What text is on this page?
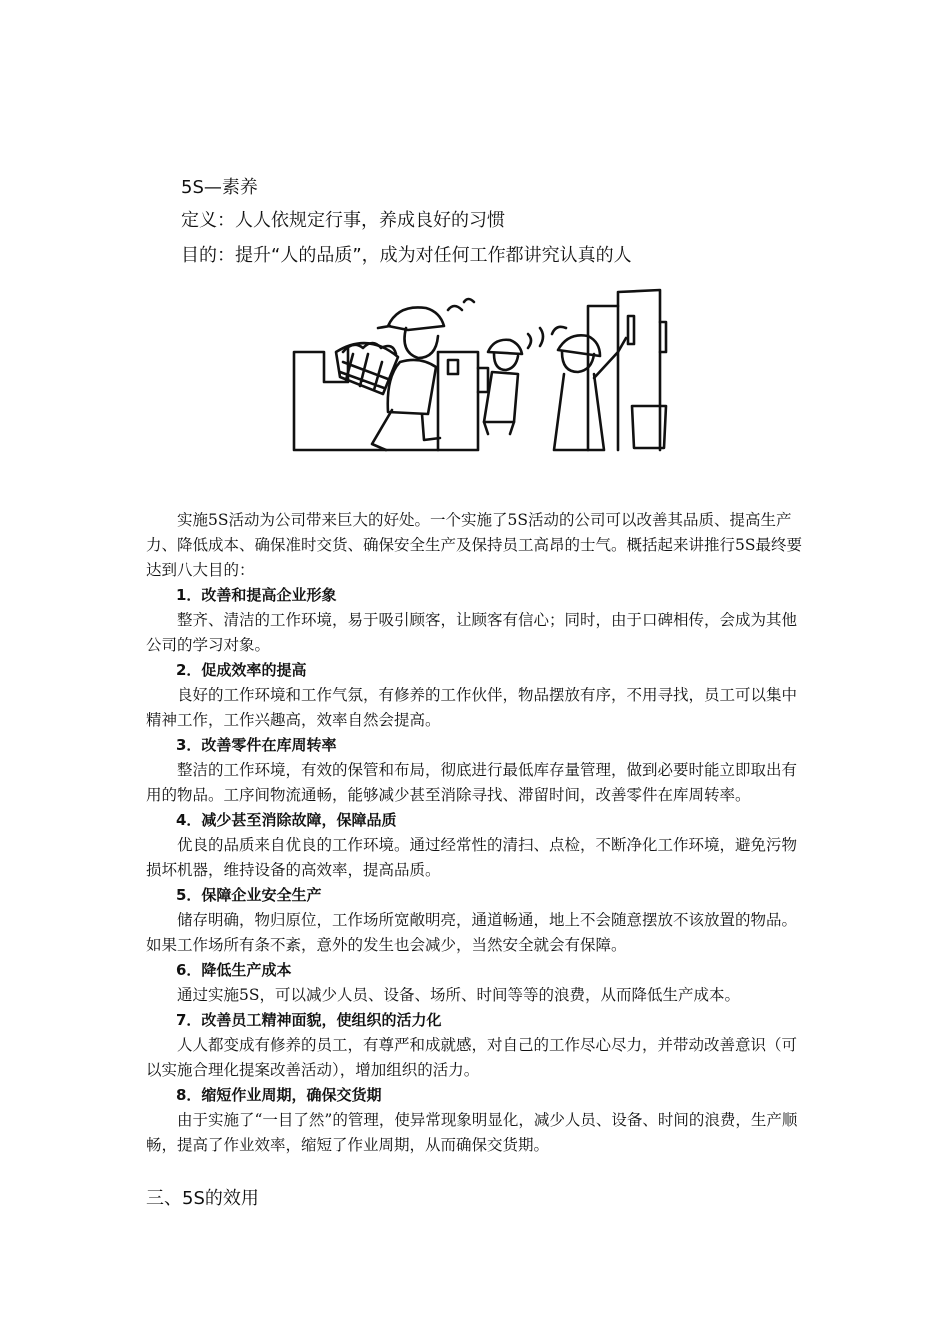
5S—素养
定义：人人依规定行事，养成良好的习惯
目的：提升“人的品质”，成为对任何工作都讲究认真的人

实施5S活动为公司带来巨大的好处。一个实施了5S活动的公司可以改善其品质、提高生产力、降低成本、确保准时交货、确保安全生产及保持员工高昂的士气。概括起来讲推行5S最终要达到八大目的：

1．改善和提高企业形象

整齐、清洁的工作环境，易于吸引顾客，让顾客有信心；同时，由于口碑相传，会成为其他公司的学习对象。

2．促成效率的提高

良好的工作环境和工作气氛，有修养的工作伙伴，物品摆放有序，不用寻找，员工可以集中精神工作，工作兴趣高，效率自然会提高。

3．改善零件在库周转率

整洁的工作环境，有效的保管和布局，彻底进行最低库存量管理，做到必要时能立即取出有用的物品。工序间物流通畅，能够减少甚至消除寻找、滞留时间，改善零件在库周转率。

4．减少甚至消除故障，保障品质

优良的品质来自优良的工作环境。通过经常性的清扫、点检，不断净化工作环境，避免污物损坏机器，维持设备的高效率，提高品质。

5．保障企业安全生产

储存明确，物归原位，工作场所宽敞明亮，通道畅通，地上不会随意摆放不该放置的物品。如果工作场所有条不紊，意外的发生也会减少，当然安全就会有保障。

6．降低生产成本

通过实施5S，可以减少人员、设备、场所、时间等等的浪费，从而降低生产成本。

7．改善员工精神面貌，使组织的活力化

人人都变成有修养的员工，有尊严和成就感，对自己的工作尽心尽力，并带动改善意识（可以实施合理化提案改善活动），增加组织的活力。

8．缩短作业周期，确保交货期

由于实施了“一目了然”的管理，使异常现象明显化，减少人员、设备、时间的浪费，生产顺畅，提高了作业效率，缩短了作业周期，从而确保交货期。

三、5S的效用
